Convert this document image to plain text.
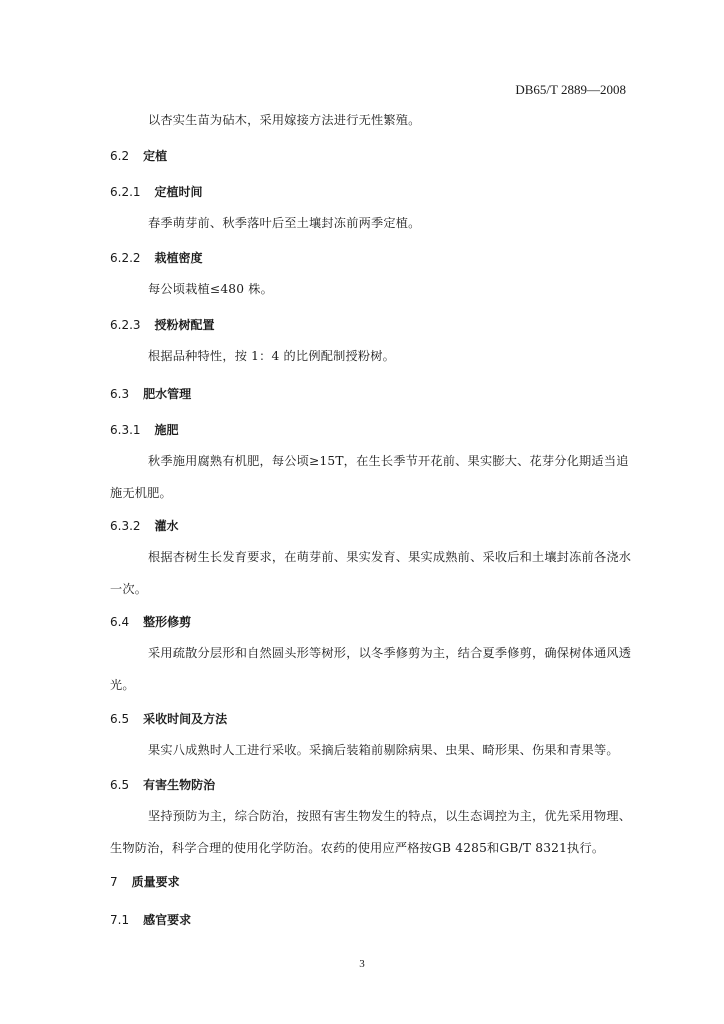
DB65/T 2889—2008
以杏实生苗为砧木，采用嫁接方法进行无性繁殖。
6.2 定植
6.2.1 定植时间
春季萌芽前、秋季落叶后至土壤封冻前两季定植。
6.2.2 栽植密度
每公顷栽植≤480 株。
6.2.3 授粉树配置
根据品种特性，按 1：4 的比例配制授粉树。
6.3 肥水管理
6.3.1 施肥
秋季施用腐熟有机肥，每公顷≥15T，在生长季节开花前、果实膨大、花芽分化期适当追施无机肥。
6.3.2 灌水
根据杏树生长发育要求，在萌芽前、果实发育、果实成熟前、采收后和土壤封冻前各浇水一次。
6.4 整形修剪
采用疏散分层形和自然圆头形等树形，以冬季修剪为主，结合夏季修剪，确保树体通风透光。
6.5 采收时间及方法
果实八成熟时人工进行采收。采摘后装箱前剔除病果、虫果、畸形果、伤果和青果等。
6.5 有害生物防治
坚持预防为主，综合防治，按照有害生物发生的特点，以生态调控为主，优先采用物理、生物防治，科学合理的使用化学防治。农药的使用应严格按GB 4285和GB/T 8321执行。
7 质量要求
7.1 感官要求
3
